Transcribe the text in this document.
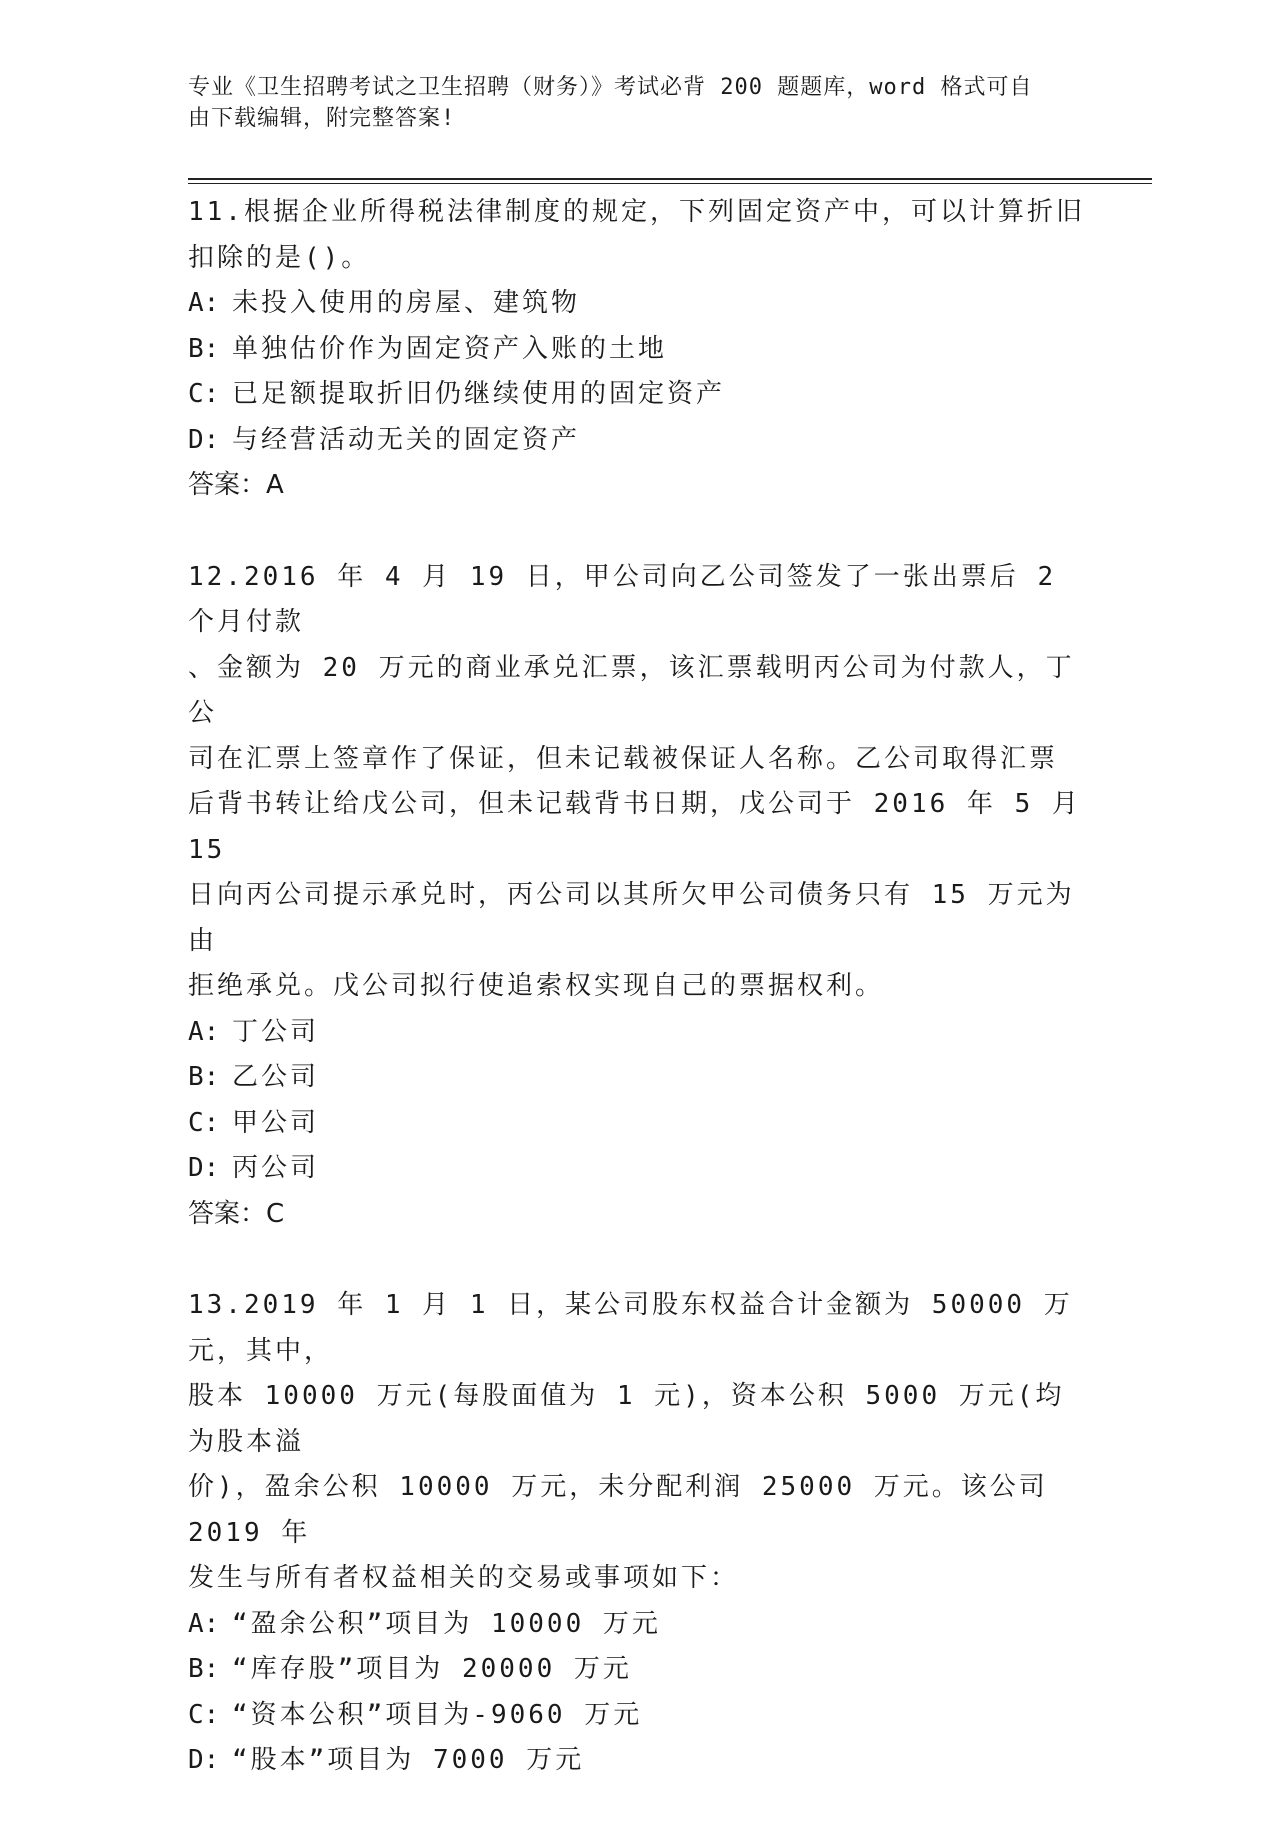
专业《卫生招聘考试之卫生招聘（财务）》考试必背 200 题题库，word 格式可自
由下载编辑，附完整答案!
11.根据企业所得税法律制度的规定，下列固定资产中，可以计算折旧
扣除的是()。
A: 未投入使用的房屋、建筑物
B: 单独估价作为固定资产入账的土地
C: 已足额提取折旧仍继续使用的固定资产
D: 与经营活动无关的固定资产
答案：A
12.2016 年 4 月 19 日，甲公司向乙公司签发了一张出票后 2 个月付款
、金额为 20 万元的商业承兑汇票，该汇票载明丙公司为付款人，丁公
司在汇票上签章作了保证，但未记载被保证人名称。乙公司取得汇票
后背书转让给戊公司，但未记载背书日期，戊公司于 2016 年 5 月 15
日向丙公司提示承兑时，丙公司以其所欠甲公司债务只有 15 万元为由
拒绝承兑。戊公司拟行使追索权实现自己的票据权利。
A: 丁公司
B: 乙公司
C: 甲公司
D: 丙公司
答案：C
13.2019 年 1 月 1 日，某公司股东权益合计金额为 50000 万元，其中，
股本 10000 万元(每股面值为 1 元)，资本公积 5000 万元(均为股本溢
价)，盈余公积 10000 万元，未分配利润 25000 万元。该公司 2019 年
发生与所有者权益相关的交易或事项如下：
A: “盈余公积”项目为 10000 万元
B: “库存股”项目为 20000 万元
C: “资本公积”项目为-9060 万元
D: “股本”项目为 7000 万元
